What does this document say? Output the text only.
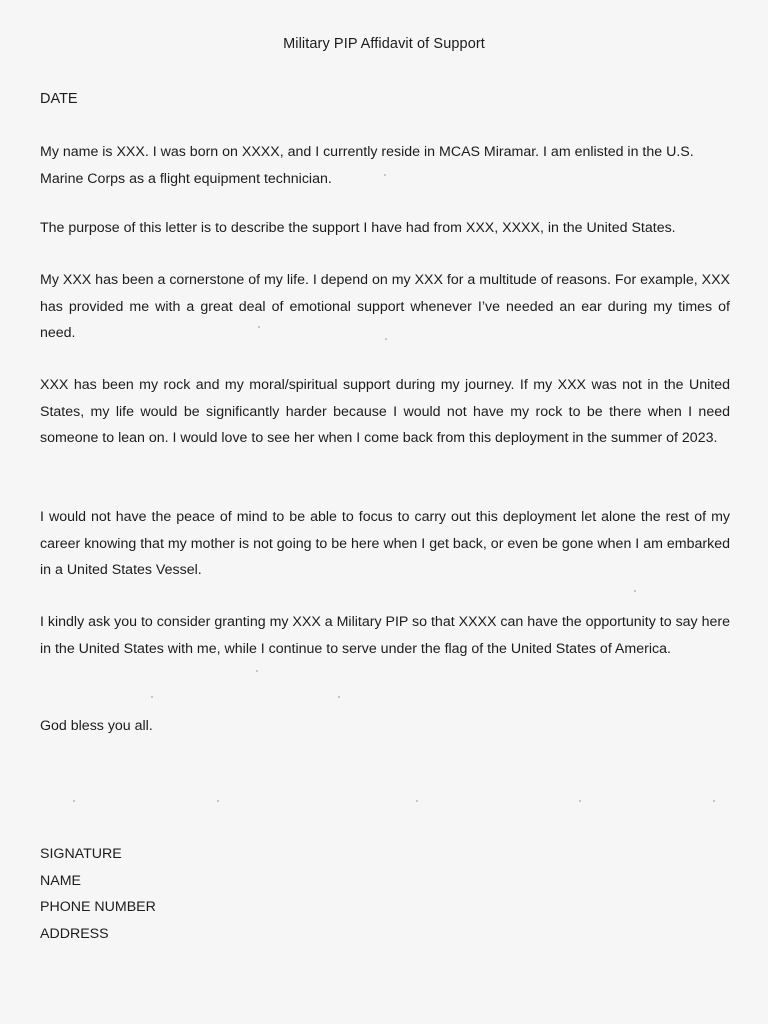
Military PIP Affidavit of Support
DATE
My name is XXX. I was born on XXXX, and I currently reside in MCAS Miramar. I am enlisted in the U.S. Marine Corps as a flight equipment technician.
The purpose of this letter is to describe the support I have had from XXX, XXXX, in the United States.
My XXX has been a cornerstone of my life. I depend on my XXX for a multitude of reasons. For example, XXX has provided me with a great deal of emotional support whenever I’ve needed an ear during my times of need.
XXX has been my rock and my moral/spiritual support during my journey. If my XXX was not in the United States, my life would be significantly harder because I would not have my rock to be there when I need someone to lean on. I would love to see her when I come back from this deployment in the summer of 2023.
I would not have the peace of mind to be able to focus to carry out this deployment let alone the rest of my career knowing that my mother is not going to be here when I get back, or even be gone when I am embarked in a United States Vessel.
I kindly ask you to consider granting my XXX a Military PIP so that XXXX can have the opportunity to say here in the United States with me, while I continue to serve under the flag of the United States of America.
God bless you all.
SIGNATURE
NAME
PHONE NUMBER
ADDRESS
